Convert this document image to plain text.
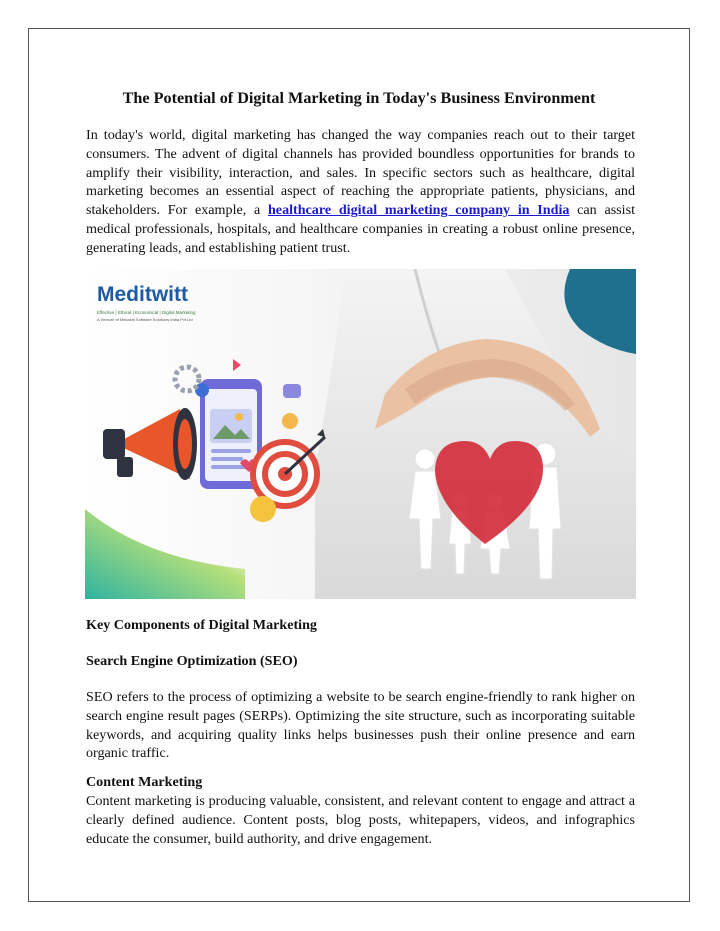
The Potential of Digital Marketing in Today's Business Environment

In today's world, digital marketing has changed the way companies reach out to their target consumers. The advent of digital channels has provided boundless opportunities for brands to amplify their visibility, interaction, and sales. In specific sectors such as healthcare, digital marketing becomes an essential aspect of reaching the appropriate patients, physicians, and stakeholders. For example, a healthcare digital marketing company in India can assist medical professionals, hospitals, and healthcare companies in creating a robust online presence, generating leads, and establishing patient trust.

Meditwitt
Effective | Ethical | Economical | Digital Marketing
A Venture of Mekashi Software Solutions India Pvt Ltd

Key Components of Digital Marketing

Search Engine Optimization (SEO)

SEO refers to the process of optimizing a website to be search engine-friendly to rank higher on search engine result pages (SERPs). Optimizing the site structure, such as incorporating suitable keywords, and acquiring quality links helps businesses push their online presence and earn organic traffic.

Content Marketing

Content marketing is producing valuable, consistent, and relevant content to engage and attract a clearly defined audience. Content posts, blog posts, whitepapers, videos, and infographics educate the consumer, build authority, and drive engagement.
